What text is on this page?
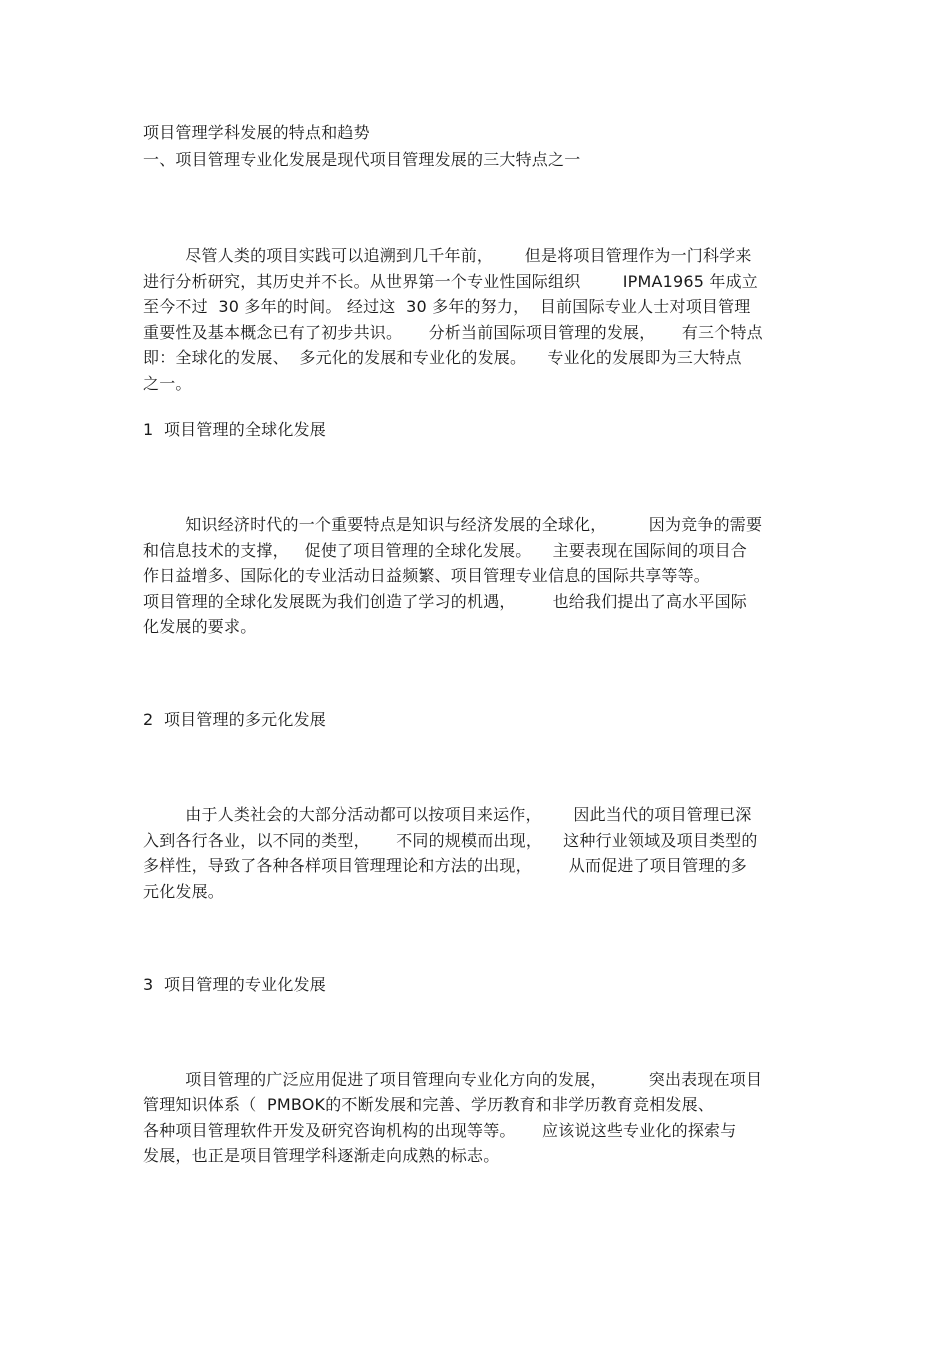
项目管理学科发展的特点和趋势
一、项目管理专业化发展是现代项目管理发展的三大特点之一
尽管人类的项目实践可以追溯到几千年前，      但是将项目管理作为一门科学来
进行分析研究，其历史并不长。从世界第一个专业性国际组织        IPMA1965 年成立
至今不过  30 多年的时间。 经过这  30 多年的努力，  目前国际专业人士对项目管理
重要性及基本概念已有了初步共识。     分析当前国际项目管理的发展，     有三个特点
即：全球化的发展、  多元化的发展和专业化的发展。    专业化的发展即为三大特点
之一。
1  项目管理的全球化发展
知识经济时代的一个重要特点是知识与经济发展的全球化，        因为竞争的需要
和信息技术的支撑，   促使了项目管理的全球化发展。    主要表现在国际间的项目合
作日益增多、国际化的专业活动日益频繁、项目管理专业信息的国际共享等等。
项目管理的全球化发展既为我们创造了学习的机遇，       也给我们提出了高水平国际
化发展的要求。
2  项目管理的多元化发展
由于人类社会的大部分活动都可以按项目来运作，      因此当代的项目管理已深
入到各行各业，以不同的类型，     不同的规模而出现，    这种行业领域及项目类型的
多样性，导致了各种各样项目管理理论和方法的出现，       从而促进了项目管理的多
元化发展。
3  项目管理的专业化发展
项目管理的广泛应用促进了项目管理向专业化方向的发展，        突出表现在项目
管理知识体系（  PMBOK的不断发展和完善、学历教育和非学历教育竞相发展、
各种项目管理软件开发及研究咨询机构的出现等等。     应该说这些专业化的探索与
发展，也正是项目管理学科逐渐走向成熟的标志。
